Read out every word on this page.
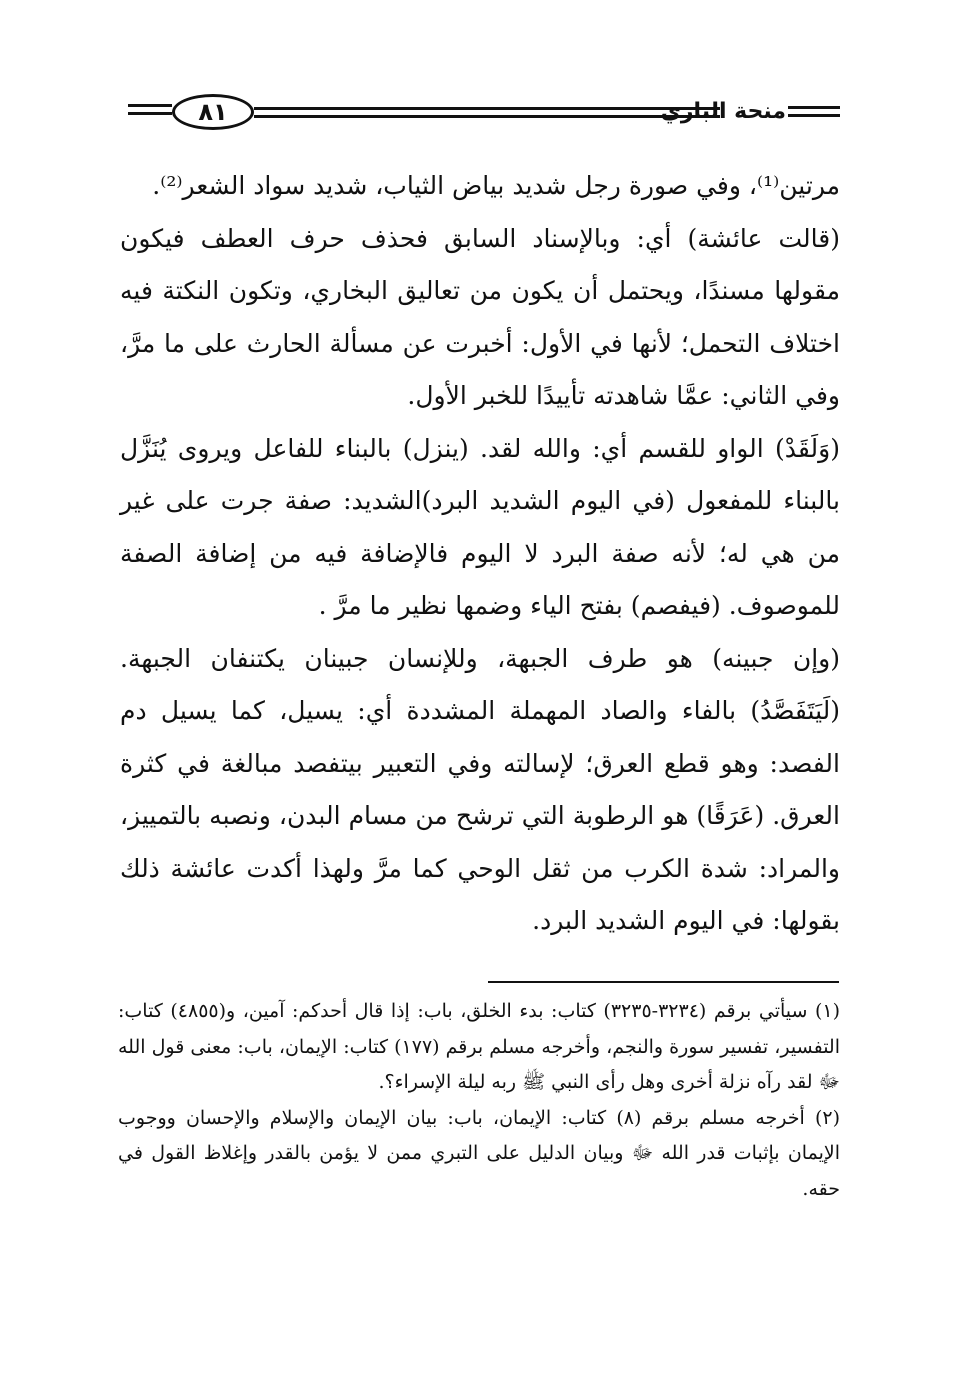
٨١	منحة الباري

مرتين⁽¹⁾، وفي صورة رجل شديد بياض الثياب، شديد سواد الشعر⁽²⁾.

(قالت عائشة) أي: وبالإسناد السابق فحذف حرف العطف فيكون مقولها مسندًا، ويحتمل أن يكون من تعاليق البخاري، وتكون النكتة فيه اختلاف التحمل؛ لأنها في الأول: أخبرت عن مسألة الحارث على ما مرَّ، وفي الثاني: عمَّا شاهدته تأييدًا للخبر الأول.

(وَلَقَدْ) الواو للقسم أي: والله لقد. (ينزل) بالبناء للفاعل ويروى يُنَزَّل بالبناء للمفعول (في اليوم الشديد البرد)الشديد: صفة جرت على غير من هي له؛ لأنه صفة البرد لا اليوم فالإضافة فيه من إضافة الصفة للموصوف. (فيفصم) بفتح الياء وضمها نظير ما مرَّ .

(وإن جبينه) هو طرف الجبهة، وللإنسان جبينان يكتنفان الجبهة. (لَيَتَفَصَّدُ) بالفاء والصاد المهملة المشددة أي: يسيل، كما يسيل دم الفصد: وهو قطع العرق؛ لإسالته وفي التعبير بيتفصد مبالغة في كثرة العرق. (عَرَقًا) هو الرطوبة التي ترشح من مسام البدن، ونصبه بالتمييز، والمراد: شدة الكرب من ثقل الوحي كما مرَّ ولهذا أكدت عائشة ذلك بقولها: في اليوم الشديد البرد.

(١) سيأتي برقم (٣٢٣٤-٣٢٣٥) كتاب: بدء الخلق، باب: إذا قال أحدكم: آمين، و(٤٨٥٥) كتاب: التفسير، تفسير سورة والنجم، وأخرجه مسلم برقم (١٧٧) كتاب: الإيمان، باب: معنى قول الله ﷻ لقد رآه نزلة أخرى وهل رأى النبي ﷺ ربه ليلة الإسراء؟.

(٢) أخرجه مسلم برقم (٨) كتاب: الإيمان، باب: بيان الإيمان والإسلام والإحسان ووجوب الإيمان بإثبات قدر الله ﷻ وبيان الدليل على التبري ممن لا يؤمن بالقدر وإغلاظ القول في حقه.
